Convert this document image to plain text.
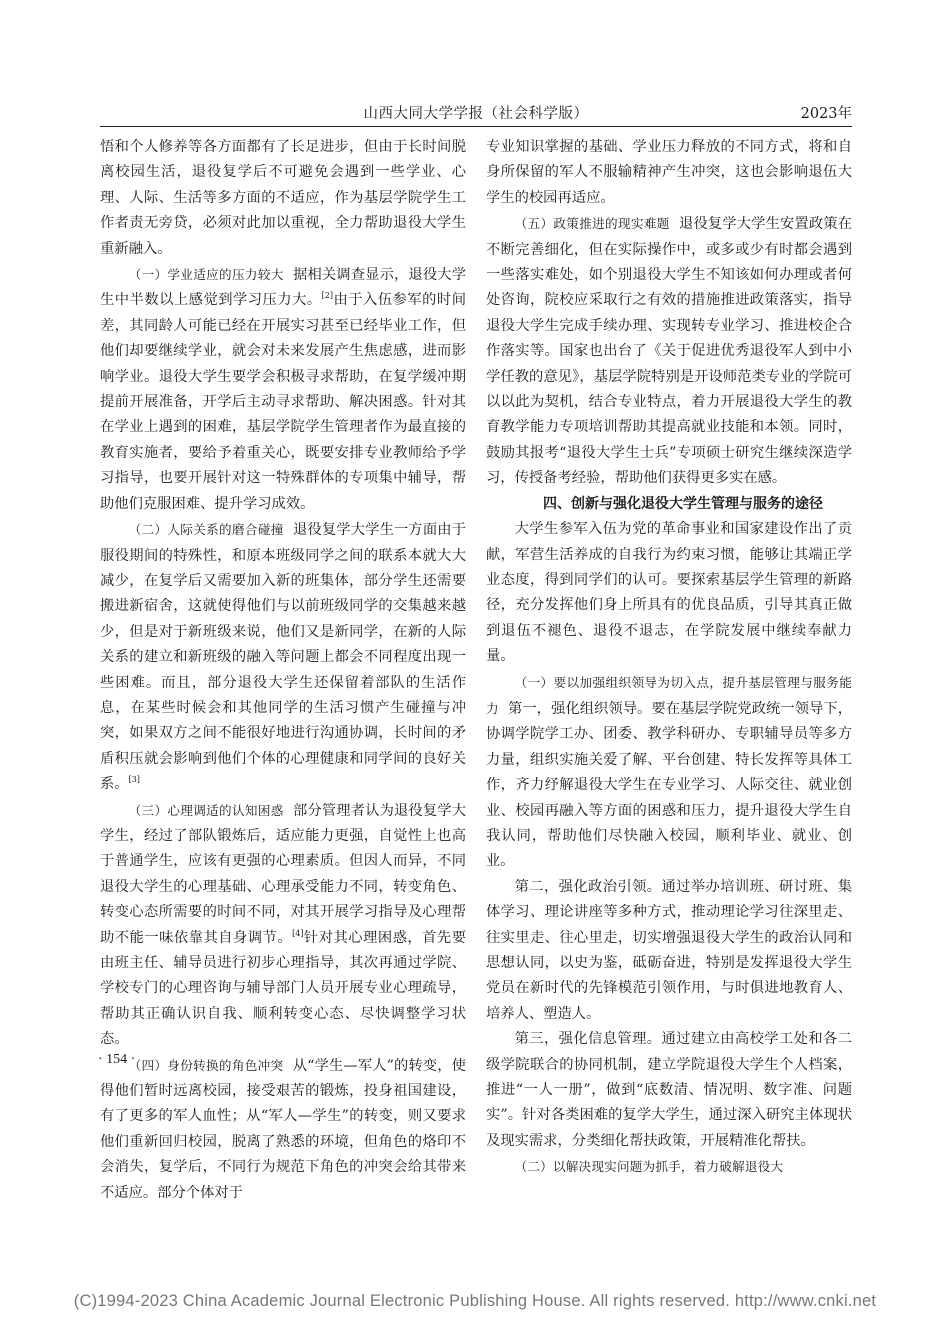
山西大同大学学报（社会科学版）	2023年

悟和个人修养等各方面都有了长足进步，但由于长时间脱离校园生活，退役复学后不可避免会遇到一些学业、心理、人际、生活等多方面的不适应，作为基层学院学生工作者责无旁贷，必须对此加以重视，全力帮助退役大学生重新融入。

（一）学业适应的压力较大 据相关调查显示，退役大学生中半数以上感觉到学习压力大。[2]由于入伍参军的时间差，其同龄人可能已经在开展实习甚至已经毕业工作，但他们却要继续学业，就会对未来发展产生焦虑感，进而影响学业。退役大学生要学会积极寻求帮助，在复学缓冲期提前开展准备，开学后主动寻求帮助、解决困惑。针对其在学业上遇到的困难，基层学院学生管理者作为最直接的教育实施者，要给予着重关心，既要安排专业教师给予学习指导，也要开展针对这一特殊群体的专项集中辅导，帮助他们克服困难、提升学习成效。

（二）人际关系的磨合碰撞 退役复学大学生一方面由于服役期间的特殊性，和原本班级同学之间的联系本就大大减少，在复学后又需要加入新的班集体，部分学生还需要搬进新宿舍，这就使得他们与以前班级同学的交集越来越少，但是对于新班级来说，他们又是新同学，在新的人际关系的建立和新班级的融入等问题上都会不同程度出现一些困难。而且，部分退役大学生还保留着部队的生活作息，在某些时候会和其他同学的生活习惯产生碰撞与冲突，如果双方之间不能很好地进行沟通协调，长时间的矛盾积压就会影响到他们个体的心理健康和同学间的良好关系。[3]

（三）心理调适的认知困惑 部分管理者认为退役复学大学生，经过了部队锻炼后，适应能力更强，自觉性上也高于普通学生，应该有更强的心理素质。但因人而异，不同退役大学生的心理基础、心理承受能力不同，转变角色、转变心态所需要的时间不同，对其开展学习指导及心理帮助不能一味依靠其自身调节。[4]针对其心理困惑，首先要由班主任、辅导员进行初步心理指导，其次再通过学院、学校专门的心理咨询与辅导部门人员开展专业心理疏导，帮助其正确认识自我、顺利转变心态、尽快调整学习状态。

（四）身份转换的角色冲突 从“学生—军人”的转变，使得他们暂时远离校园，接受艰苦的锻炼，投身祖国建设，有了更多的军人血性；从“军人—学生”的转变，则又要求他们重新回归校园，脱离了熟悉的环境，但角色的烙印不会消失，复学后，不同行为规范下角色的冲突会给其带来不适应。部分个体对于

专业知识掌握的基础、学业压力释放的不同方式，将和自身所保留的军人不服输精神产生冲突，这也会影响退伍大学生的校园再适应。

（五）政策推进的现实难题 退役复学大学生安置政策在不断完善细化，但在实际操作中，或多或少有时都会遇到一些落实难处，如个别退役大学生不知该如何办理或者何处咨询，院校应采取行之有效的措施推进政策落实，指导退役大学生完成手续办理、实现转专业学习、推进校企合作落实等。国家也出台了《关于促进优秀退役军人到中小学任教的意见》，基层学院特别是开设师范类专业的学院可以以此为契机，结合专业特点，着力开展退役大学生的教育教学能力专项培训帮助其提高就业技能和本领。同时，鼓励其报考“退役大学生士兵”专项硕士研究生继续深造学习，传授备考经验，帮助他们获得更多实在感。

四、创新与强化退役大学生管理与服务的途径

大学生参军入伍为党的革命事业和国家建设作出了贡献，军营生活养成的自我行为约束习惯，能够让其端正学业态度，得到同学们的认可。要探索基层学生管理的新路径，充分发挥他们身上所具有的优良品质，引导其真正做到退伍不褪色、退役不退志，在学院发展中继续奉献力量。

（一）要以加强组织领导为切入点，提升基层管理与服务能力 第一，强化组织领导。要在基层学院党政统一领导下，协调学院学工办、团委、教学科研办、专职辅导员等多方力量，组织实施关爱了解、平台创建、特长发挥等具体工作，齐力纾解退役大学生在专业学习、人际交往、就业创业、校园再融入等方面的困惑和压力，提升退役大学生自我认同，帮助他们尽快融入校园，顺利毕业、就业、创业。

第二，强化政治引领。通过举办培训班、研讨班、集体学习、理论讲座等多种方式，推动理论学习往深里走、往实里走、往心里走，切实增强退役大学生的政治认同和思想认同，以史为鉴，砥砺奋进，特别是发挥退役大学生党员在新时代的先锋模范引领作用，与时俱进地教育人、培养人、塑造人。

第三，强化信息管理。通过建立由高校学工处和各二级学院联合的协同机制，建立学院退役大学生个人档案，推进“一人一册”，做到“底数清、情况明、数字准、问题实”。针对各类困难的复学大学生，通过深入研究主体现状及现实需求，分类细化帮扶政策，开展精准化帮扶。

（二）以解决现实问题为抓手，着力破解退役大

· 154 ·
(C)1994-2023 China Academic Journal Electronic Publishing House. All rights reserved. http://www.cnki.net
